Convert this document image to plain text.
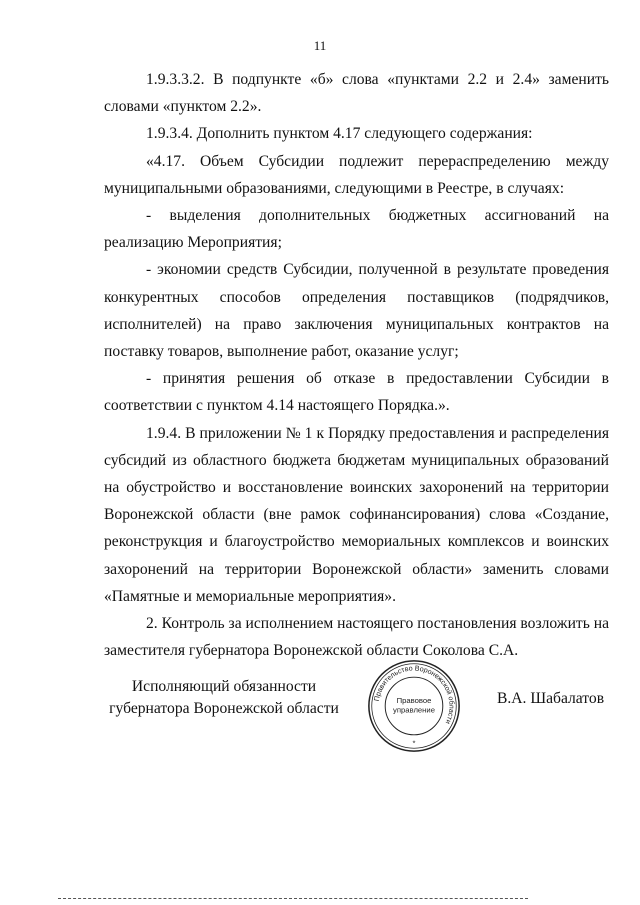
11

1.9.3.3.2. В подпункте «б» слова «пунктами 2.2 и 2.4» заменить словами «пунктом 2.2».

1.9.3.4. Дополнить пунктом 4.17 следующего содержания:

«4.17. Объем Субсидии подлежит перераспределению между муниципальными образованиями, следующими в Реестре, в случаях:

- выделения дополнительных бюджетных ассигнований на реализацию Мероприятия;

- экономии средств Субсидии, полученной в результате проведения конкурентных способов определения поставщиков (подрядчиков, исполнителей) на право заключения муниципальных контрактов на поставку товаров, выполнение работ, оказание услуг;

- принятия решения об отказе в предоставлении Субсидии в соответствии с пунктом 4.14 настоящего Порядка.».

1.9.4. В приложении № 1 к Порядку предоставления и распределения субсидий из областного бюджета бюджетам муниципальных образований на обустройство и восстановление воинских захоронений на территории Воронежской области (вне рамок софинансирования) слова «Создание, реконструкция и благоустройство мемориальных комплексов и воинских захоронений на территории Воронежской области» заменить словами «Памятные и мемориальные мероприятия».

2. Контроль за исполнением настоящего постановления возложить на заместителя губернатора Воронежской области Соколова С.А.

Исполняющий обязанности
губернатора Воронежской области
Правительство Воронежской области
Правовое
управление
*
В.А. Шабалатов
